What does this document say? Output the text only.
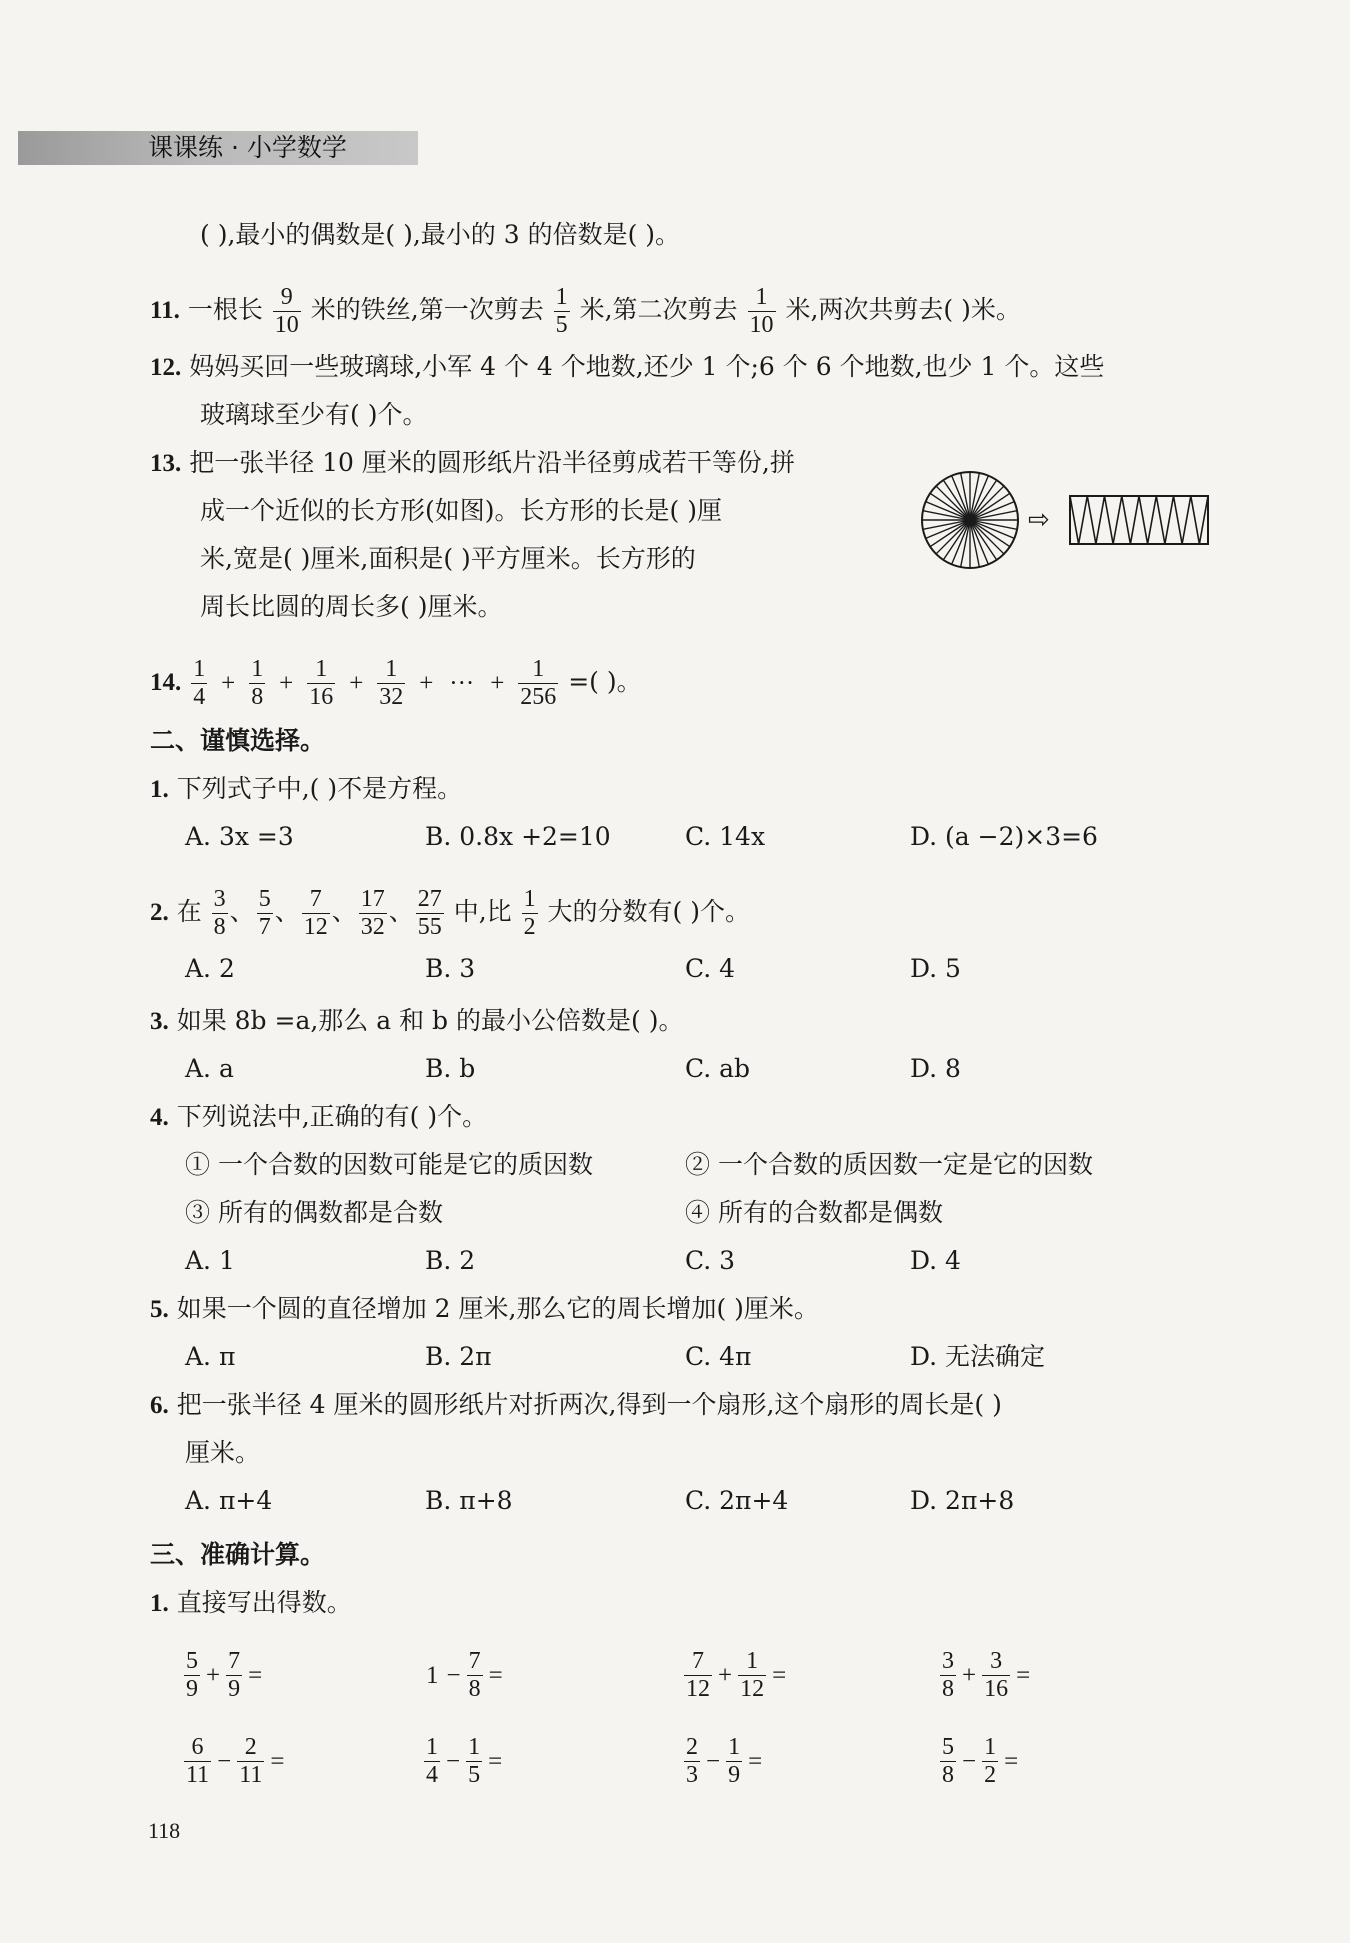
课课练 · 小学数学
( ),最小的偶数是( ),最小的 3 的倍数是( )。
11. 一根长 $\frac{9}{10}$ 米的铁丝,第一次剪去 $\frac{1}{5}$ 米,第二次剪去 $\frac{1}{10}$ 米,两次共剪去( )米。
12. 妈妈买回一些玻璃球,小军 4 个 4 个地数,还少 1 个;6 个 6 个地数,也少 1 个。这些
玻璃球至少有( )个。
13. 把一张半径 10 厘米的圆形纸片沿半径剪成若干等份,拼
成一个近似的长方形(如图)。长方形的长是( )厘
米,宽是( )厘米,面积是( )平方厘米。长方形的
周长比圆的周长多( )厘米。
⇨
14. $\frac{1}{4} + \frac{1}{8} + \frac{1}{16} + \frac{1}{32}$ + ··· + $\frac{1}{256}$ =( )。
二、谨慎选择。
1. 下列式子中,( )不是方程。
A. 3x =3	B. 0.8x +2=10	C. 14x	D. (a −2)×3=6
2. 在 $\frac{3}{8}$ 、 $\frac{5}{7}$ 、 $\frac{7}{12}$ 、 $\frac{17}{32}$ 、 $\frac{27}{55}$ 中,比 $\frac{1}{2}$ 大的分数有( )个。
A. 2	B. 3	C. 4	D. 5
3. 如果 8b =a,那么 a 和 b 的最小公倍数是( )。
A. a	B. b	C. ab	D. 8
4. 下列说法中,正确的有( )个。
① 一个合数的因数可能是它的质因数	② 一个合数的质因数一定是它的因数
③ 所有的偶数都是合数	④ 所有的合数都是偶数
A. 1	B. 2	C. 3	D. 4
5. 如果一个圆的直径增加 2 厘米,那么它的周长增加( )厘米。
A. π	B. 2π	C. 4π	D. 无法确定
6. 把一张半径 4 厘米的圆形纸片对折两次,得到一个扇形,这个扇形的周长是( )
厘米。
A. π+4	B. π+8	C. 2π+4	D. 2π+8
三、准确计算。
1. 直接写出得数。
$\frac{5}{9} + \frac{7}{9}$ =	$1 - \frac{7}{8}$ =	$\frac{7}{12} + \frac{1}{12}$ =	$\frac{3}{8} + \frac{3}{16}$ =
$\frac{6}{11} - \frac{2}{11}$ =	$\frac{1}{4} - \frac{1}{5}$ =	$\frac{2}{3} - \frac{1}{9}$ =	$\frac{5}{8} - \frac{1}{2}$ =
118
